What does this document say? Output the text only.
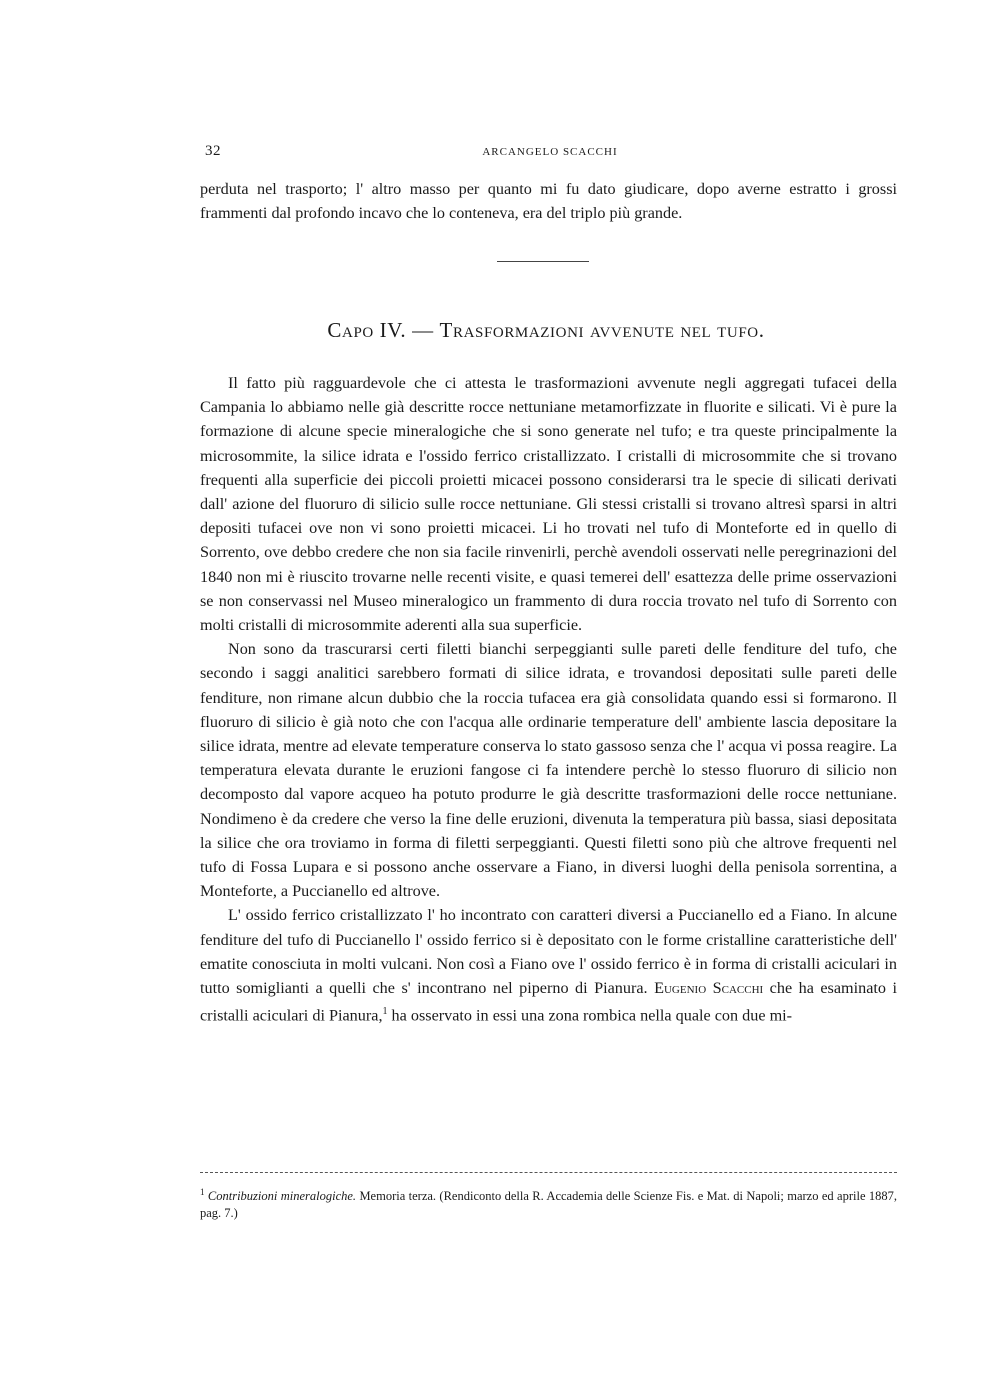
32	ARCANGELO SCACCHI

perduta nel trasporto; l' altro masso per quanto mi fu dato giudicare, dopo averne estratto i grossi frammenti dal profondo incavo che lo conteneva, era del triplo più grande.

Capo IV. — Trasformazioni avvenute nel tufo.

Il fatto più ragguardevole che ci attesta le trasformazioni avvenute negli aggregati tufacei della Campania lo abbiamo nelle già descritte rocce nettuniane metamorfizzate in fluorite e silicati. Vi è pure la formazione di alcune specie mineralogiche che si sono generate nel tufo; e tra queste principalmente la microsommite, la silice idrata e l'ossido ferrico cristallizzato. I cristalli di microsommite che si trovano frequenti alla superficie dei piccoli proietti micacei possono considerarsi tra le specie di silicati derivati dall' azione del fluoruro di silicio sulle rocce nettuniane. Gli stessi cristalli si trovano altresì sparsi in altri depositi tufacei ove non vi sono proietti micacei. Li ho trovati nel tufo di Monteforte ed in quello di Sorrento, ove debbo credere che non sia facile rinvenirli, perchè avendoli osservati nelle peregrinazioni del 1840 non mi è riuscito trovarne nelle recenti visite, e quasi temerei dell' esattezza delle prime osservazioni se non conservassi nel Museo mineralogico un frammento di dura roccia trovato nel tufo di Sorrento con molti cristalli di microsommite aderenti alla sua superficie.

Non sono da trascurarsi certi filetti bianchi serpeggianti sulle pareti delle fenditure del tufo, che secondo i saggi analitici sarebbero formati di silice idrata, e trovandosi depositati sulle pareti delle fenditure, non rimane alcun dubbio che la roccia tufacea era già consolidata quando essi si formarono. Il fluoruro di silicio è già noto che con l'acqua alle ordinarie temperature dell' ambiente lascia depositare la silice idrata, mentre ad elevate temperature conserva lo stato gassoso senza che l' acqua vi possa reagire. La temperatura elevata durante le eruzioni fangose ci fa intendere perchè lo stesso fluoruro di silicio non decomposto dal vapore acqueo ha potuto produrre le già descritte trasformazioni delle rocce nettuniane. Nondimeno è da credere che verso la fine delle eruzioni, divenuta la temperatura più bassa, siasi depositata la silice che ora troviamo in forma di filetti serpeggianti. Questi filetti sono più che altrove frequenti nel tufo di Fossa Lupara e si possono anche osservare a Fiano, in diversi luoghi della penisola sorrentina, a Monteforte, a Puccianello ed altrove.

L' ossido ferrico cristallizzato l' ho incontrato con caratteri diversi a Puccianello ed a Fiano. In alcune fenditure del tufo di Puccianello l' ossido ferrico si è depositato con le forme cristalline caratteristiche dell' ematite conosciuta in molti vulcani. Non così a Fiano ove l' ossido ferrico è in forma di cristalli aciculari in tutto somiglianti a quelli che s' incontrano nel piperno di Pianura. Eugenio Scacchi che ha esaminato i cristalli aciculari di Pianura,$^1$ ha osservato in essi una zona rombica nella quale con due mi-

$^1$ Contribuzioni mineralogiche. Memoria terza. (Rendiconto della R. Accademia delle Scienze Fis. e Mat. di Napoli; marzo ed aprile 1887, pag. 7.)
